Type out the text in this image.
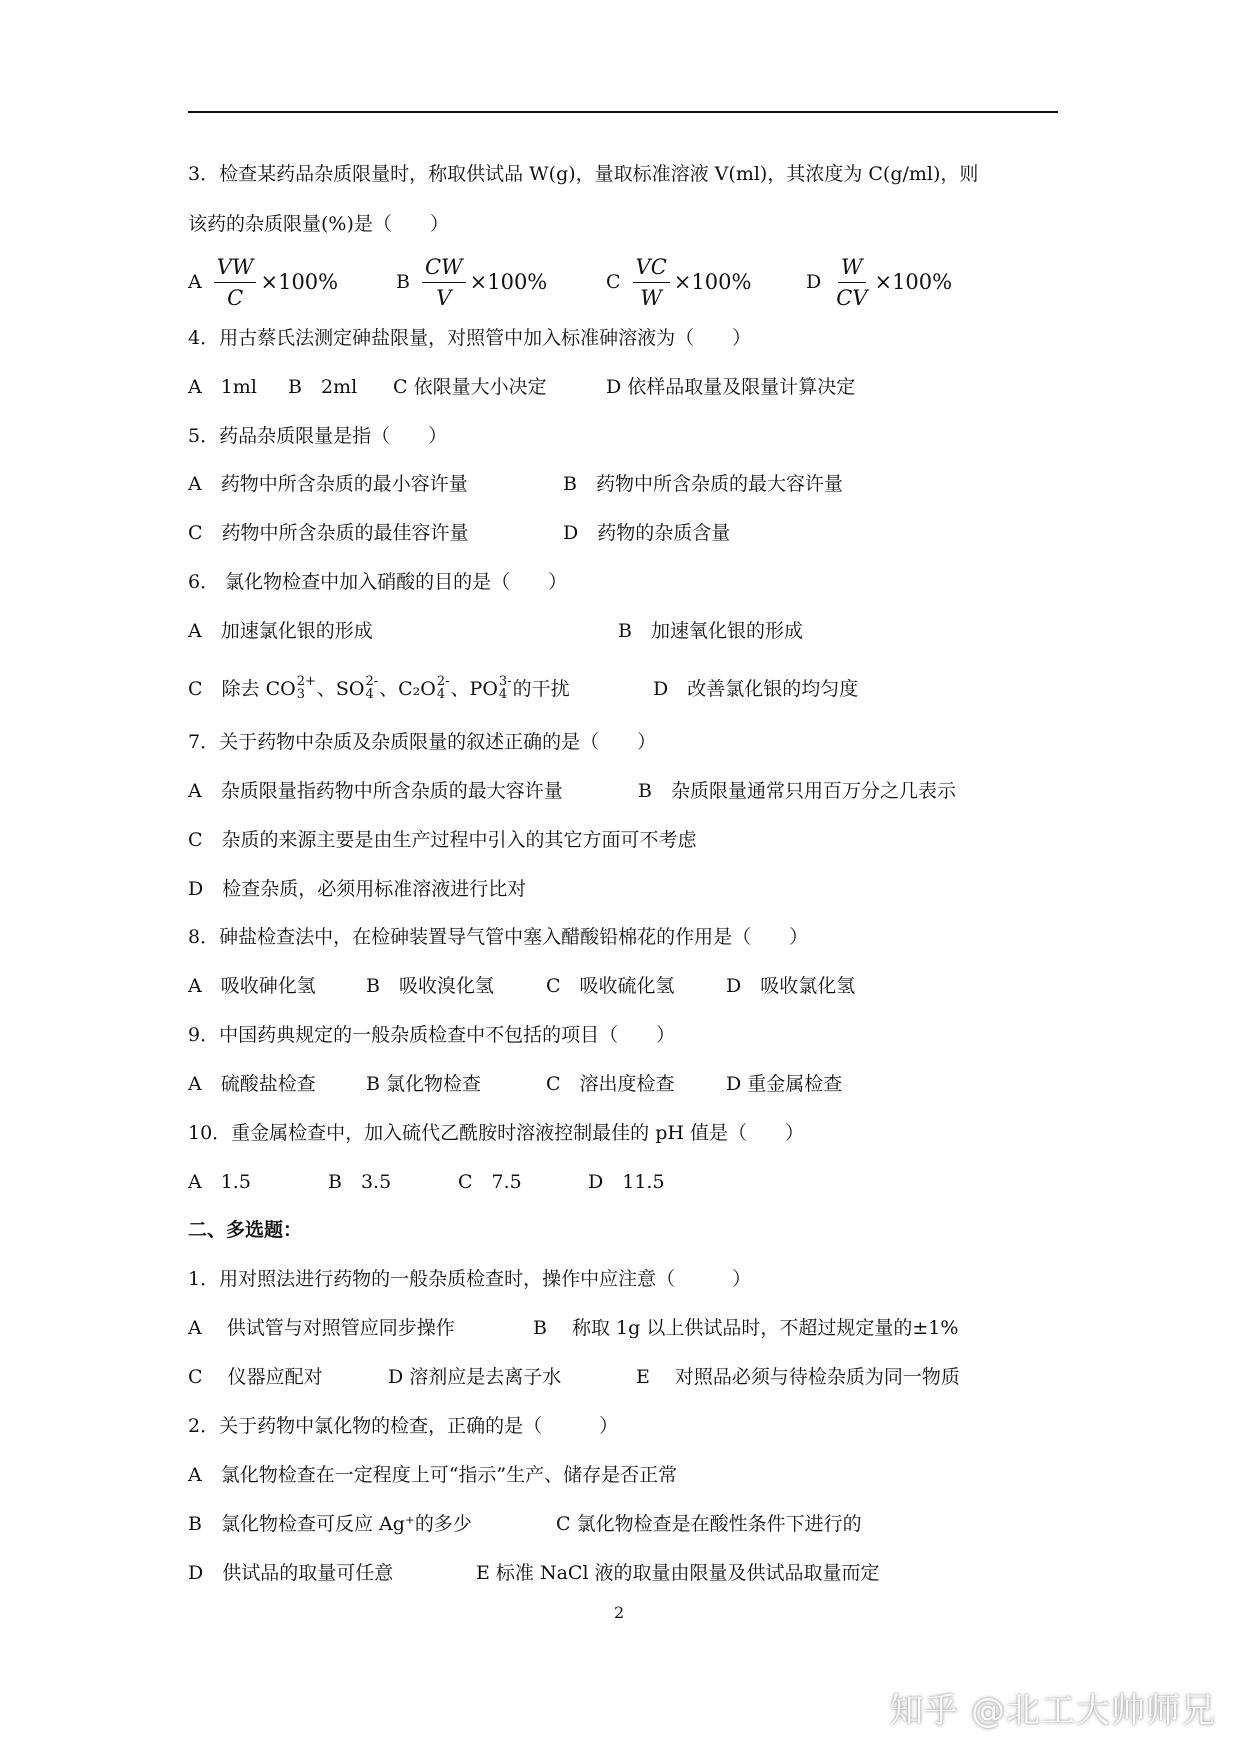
3．检查某药品杂质限量时，称取供试品 W(g)，量取标准溶液 V(ml)，其浓度为 C(g/ml)，则
该药的杂质限量(%)是（　　）
A $\frac{VW}{C} \times 100\%$	B $\frac{CW}{V} \times 100\%$	C $\frac{VC}{W} \times 100\%$	D $\frac{W}{CV} \times 100\%$
4．用古蔡氏法测定砷盐限量，对照管中加入标准砷溶液为（　　）
A　1ml B　2ml C 依限量大小决定	D 依样品取量及限量计算决定
5．药品杂质限量是指（　　）
A　药物中所含杂质的最小容许量	B　药物中所含杂质的最大容许量
C　药物中所含杂质的最佳容许量	D　药物的杂质含量
6． 氯化物检查中加入硝酸的目的是（　　）
A　加速氯化银的形成	B　加速氧化银的形成
C　除去 CO 2+
3 、SO 2-
4 、C₂O 2-
4 、PO 3-
4 的干扰	D　改善氯化银的均匀度
7．关于药物中杂质及杂质限量的叙述正确的是（　　）
A　杂质限量指药物中所含杂质的最大容许量	B　杂质限量通常只用百万分之几表示
C　杂质的来源主要是由生产过程中引入的其它方面可不考虑
D　检查杂质，必须用标准溶液进行比对
8．砷盐检查法中，在检砷装置导气管中塞入醋酸铅棉花的作用是（　　）
A　吸收砷化氢	B　吸收溴化氢	C　吸收硫化氢	D　吸收氯化氢
9．中国药典规定的一般杂质检查中不包括的项目（　　）
A　硫酸盐检查	B 氯化物检查	C　溶出度检查	D 重金属检查
10．重金属检查中，加入硫代乙酰胺时溶液控制最佳的 pH 值是（　　）
A　1.5	B　3.5	C　7.5	D　11.5
二、多选题：
1．用对照法进行药物的一般杂质检查时，操作中应注意（　　　）
A　 供试管与对照管应同步操作	B　 称取 1g 以上供试品时，不超过规定量的±1%
C　 仪器应配对	D 溶剂应是去离子水	E　 对照品必须与待检杂质为同一物质
2．关于药物中氯化物的检查，正确的是（　　　）
A　氯化物检查在一定程度上可“指示”生产、储存是否正常
B　氯化物检查可反应 Ag⁺的多少	C 氯化物检查是在酸性条件下进行的
D　供试品的取量可任意	E 标准 NaCl 液的取量由限量及供试品取量而定
2
知乎 @北工大帅师兄
